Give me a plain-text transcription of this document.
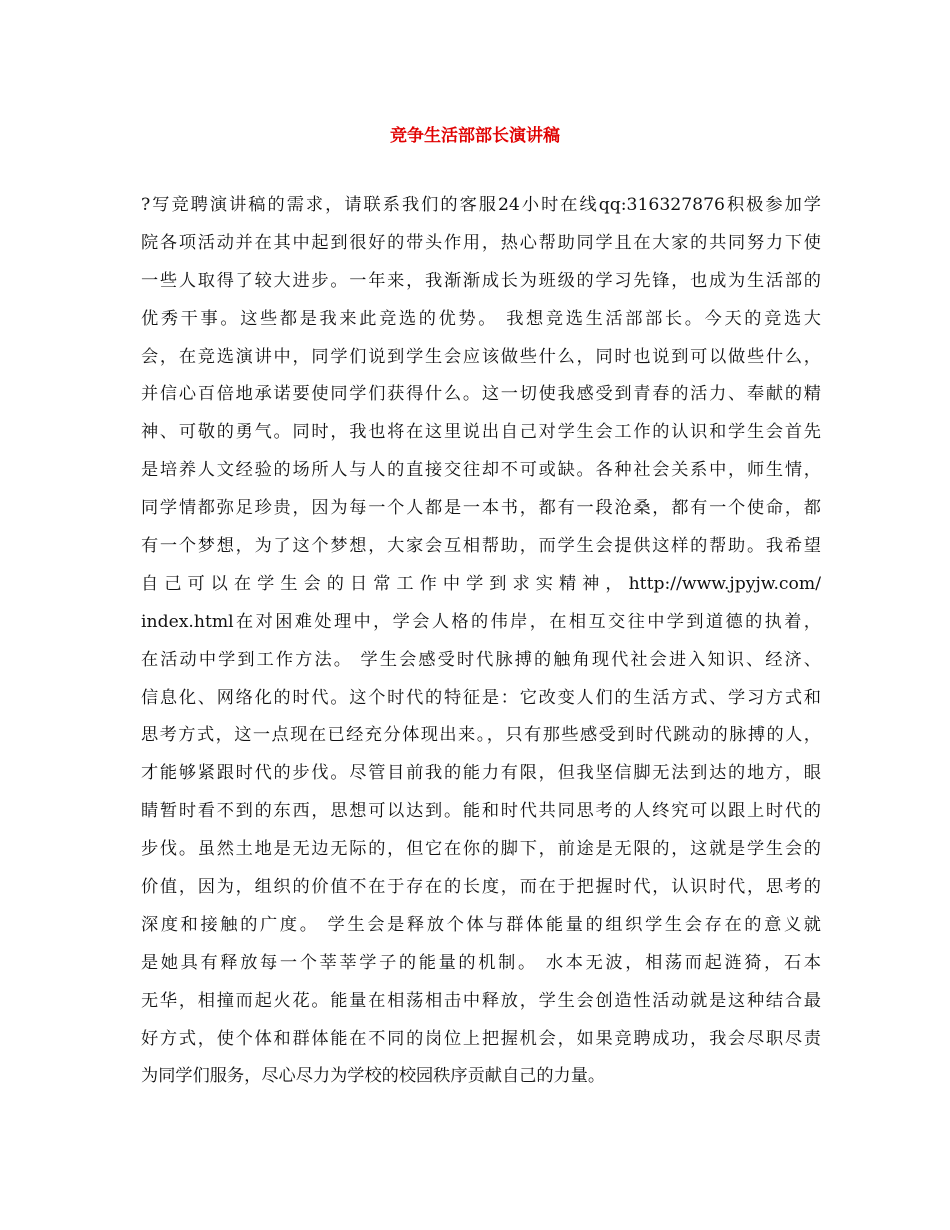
竞争生活部部长演讲稿
?写竞聘演讲稿的需求，请联系我们的客服24小时在线qq:316327876积极参加学
院各项活动并在其中起到很好的带头作用，热心帮助同学且在大家的共同努力下使
一些人取得了较大进步。一年来，我渐渐成长为班级的学习先锋，也成为生活部的
优秀干事。这些都是我来此竞选的优势。 我想竞选生活部部长。今天的竞选大
会，在竞选演讲中，同学们说到学生会应该做些什么，同时也说到可以做些什么，
并信心百倍地承诺要使同学们获得什么。这一切使我感受到青春的活力、奉献的精
神、可敬的勇气。同时，我也将在这里说出自己对学生会工作的认识和学生会首先
是培养人文经验的场所人与人的直接交往却不可或缺。各种社会关系中，师生情，
同学情都弥足珍贵，因为每一个人都是一本书，都有一段沧桑，都有一个使命，都
有一个梦想，为了这个梦想，大家会互相帮助，而学生会提供这样的帮助。我希望
自己可以在学生会的日常工作中学到求实精神，http://www.jpyjw.com/
index.html在对困难处理中，学会人格的伟岸，在相互交往中学到道德的执着，
在活动中学到工作方法。 学生会感受时代脉搏的触角现代社会进入知识、经济、
信息化、网络化的时代。这个时代的特征是：它改变人们的生活方式、学习方式和
思考方式，这一点现在已经充分体现出来。，只有那些感受到时代跳动的脉搏的人，
才能够紧跟时代的步伐。尽管目前我的能力有限，但我坚信脚无法到达的地方，眼
睛暂时看不到的东西，思想可以达到。能和时代共同思考的人终究可以跟上时代的
步伐。虽然土地是无边无际的，但它在你的脚下，前途是无限的，这就是学生会的
价值，因为，组织的价值不在于存在的长度，而在于把握时代，认识时代，思考的
深度和接触的广度。 学生会是释放个体与群体能量的组织学生会存在的意义就
是她具有释放每一个莘莘学子的能量的机制。 水本无波，相荡而起涟猗，石本
无华，相撞而起火花。能量在相荡相击中释放，学生会创造性活动就是这种结合最
好方式，使个体和群体能在不同的岗位上把握机会，如果竞聘成功，我会尽职尽责
为同学们服务，尽心尽力为学校的校园秩序贡献自己的力量。
